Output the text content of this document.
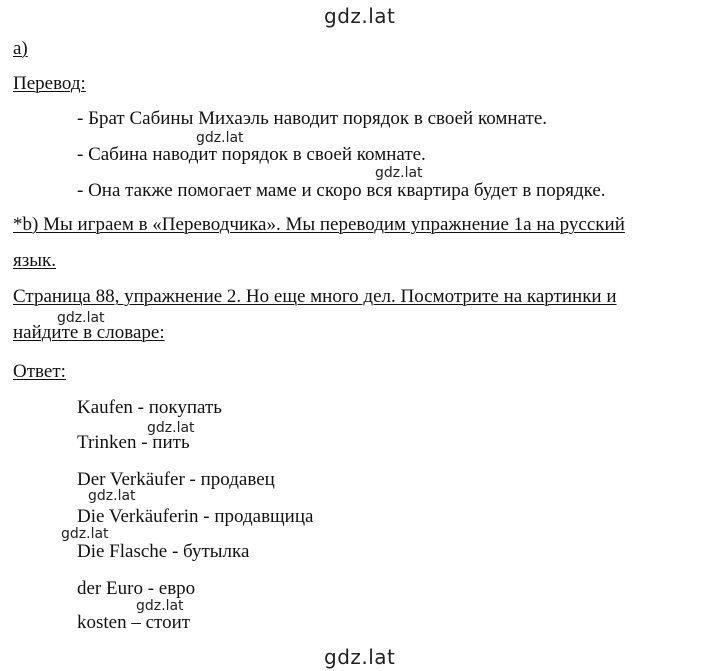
gdz.lat
gdz.lat
gdz.lat
gdz.lat
gdz.lat
gdz.lat
gdz.lat
gdz.lat
gdz.lat
а)
Перевод:
- Брат Сабины Михаэль наводит порядок в своей комнате.
- Сабина наводит порядок в своей комнате.
- Она также помогает маме и скоро вся квартира будет в порядке.
*b) Мы играем в «Переводчика». Мы переводим упражнение 1a на русский
язык.
Страница 88, упражнение 2. Но еще много дел. Посмотрите на картинки и
найдите в словаре:
Ответ:
Kaufen - покупать
Trinken - пить
Der Verkäufer - продавец
Die Verkäuferin - продавщица
Die Flasche - бутылка
der Euro - евро
kosten – стоит
